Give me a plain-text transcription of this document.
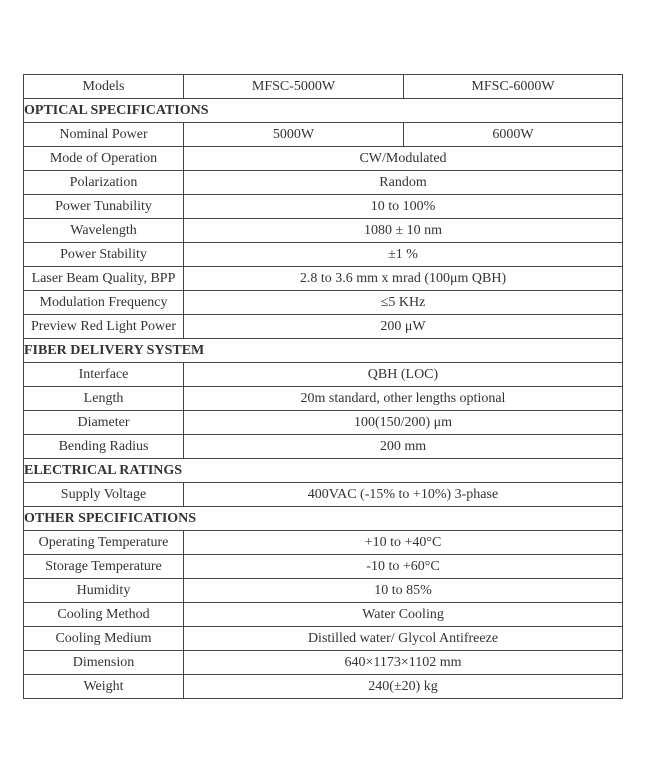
Models	MFSC-5000W	MFSC-6000W
OPTICAL SPECIFICATIONS		
Nominal Power	5000W	6000W
Mode of Operation	CW/Modulated	
Polarization	Random	
Power Tunability	10 to 100%	
Wavelength	1080 ± 10 nm	
Power Stability	±1 %	
Laser Beam Quality, BPP	2.8 to 3.6 mm x mrad (100μm QBH)	
Modulation Frequency	≤5 KHz	
Preview Red Light Power	200 μW	
FIBER DELIVERY SYSTEM		
Interface	QBH (LOC)	
Length	20m standard, other lengths optional	
Diameter	100(150/200) μm	
Bending Radius	200 mm	
ELECTRICAL RATINGS		
Supply Voltage	400VAC (-15% to +10%) 3-phase	
OTHER SPECIFICATIONS		
Operating Temperature	+10 to +40°C	
Storage Temperature	-10 to +60°C	
Humidity	10 to 85%	
Cooling Method	Water Cooling	
Cooling Medium	Distilled water/ Glycol Antifreeze	
Dimension	640×1173×1102 mm	
Weight	240(±20) kg	
